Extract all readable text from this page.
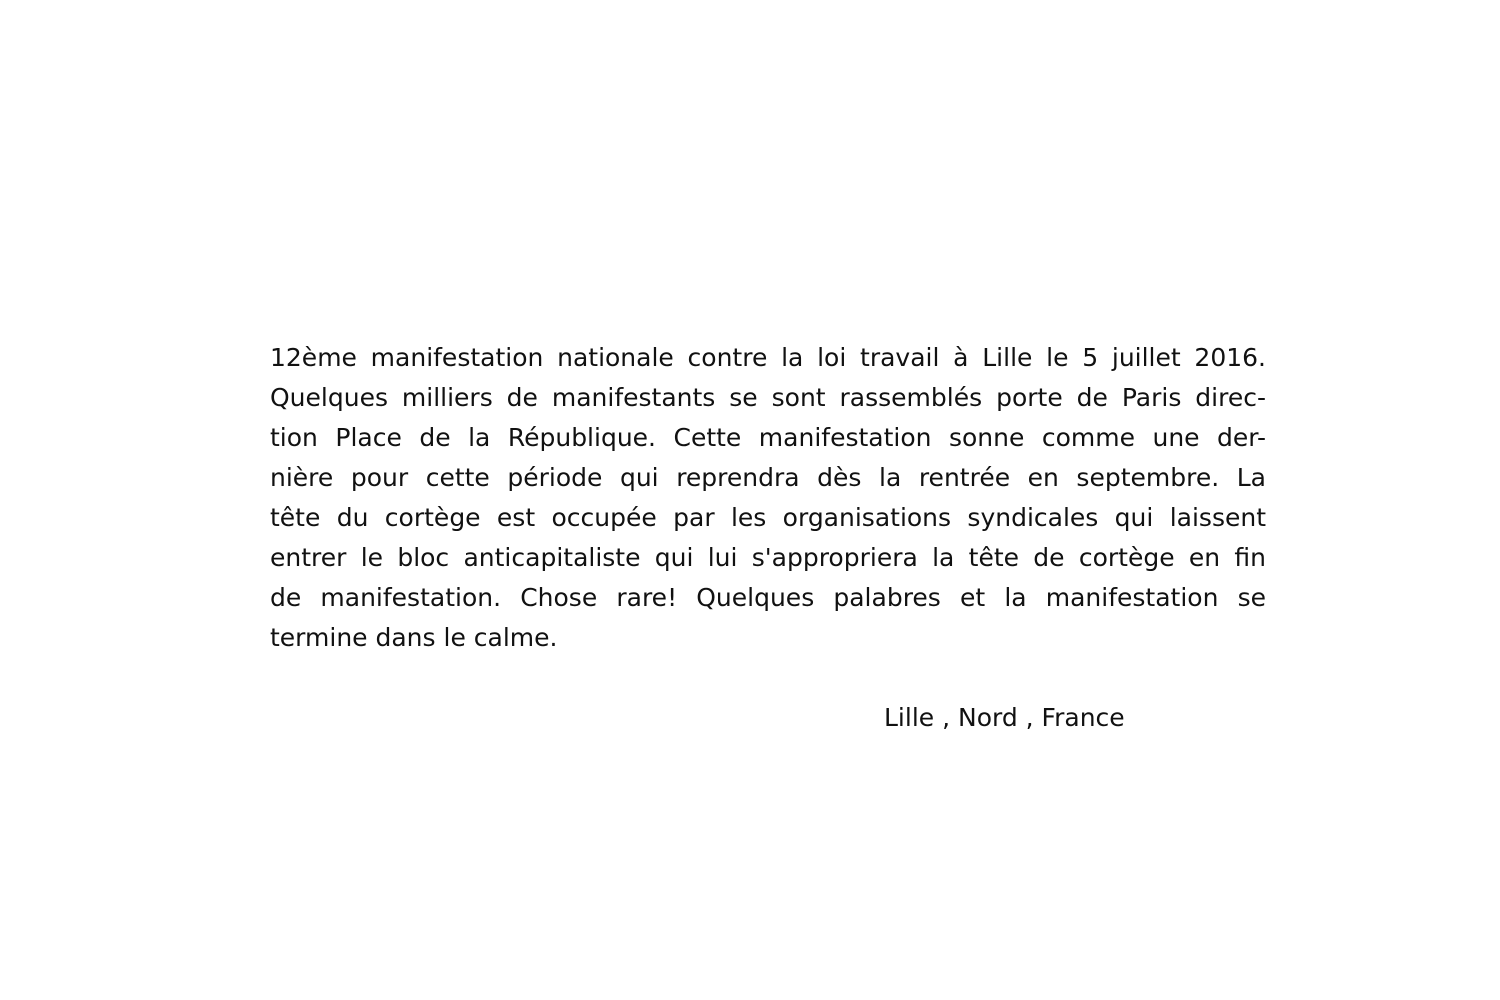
12ème manifestation nationale contre la loi travail à Lille le 5 juillet 2016.
Quelques milliers de manifestants se sont rassemblés porte de Paris direc-
tion Place de la République. Cette manifestation sonne comme une der-
nière pour cette période qui reprendra dès la rentrée en septembre. La
tête du cortège est occupée par les organisations syndicales qui laissent
entrer le bloc anticapitaliste qui lui s'approprierа la tête de cortège en fin
de manifestation. Chose rare! Quelques palabres et la manifestation se
termine dans le calme.

Lille , Nord , France
